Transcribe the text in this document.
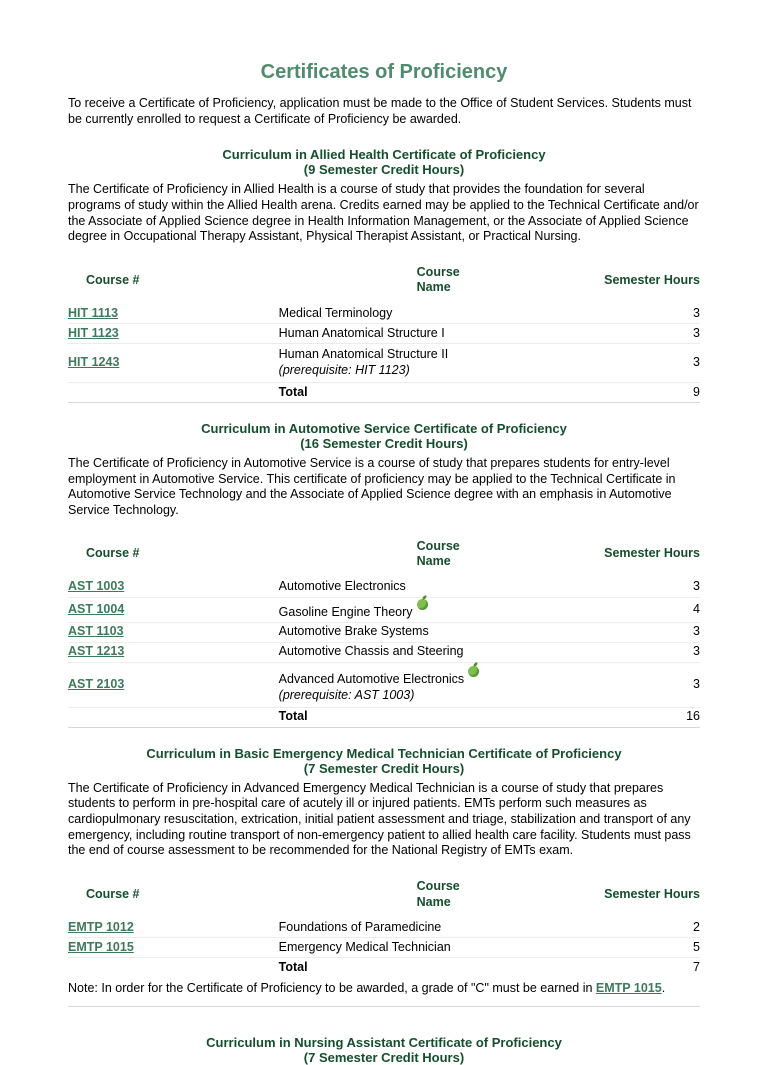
Certificates of Proficiency
To receive a Certificate of Proficiency, application must be made to the Office of Student Services. Students must be currently enrolled to request a Certificate of Proficiency be awarded.
Curriculum in Allied Health Certificate of Proficiency
(9 Semester Credit Hours)
The Certificate of Proficiency in Allied Health is a course of study that provides the foundation for several programs of study within the Allied Health arena. Credits earned may be applied to the Technical Certificate and/or the Associate of Applied Science degree in Health Information Management, or the Associate of Applied Science degree in Occupational Therapy Assistant, Physical Therapist Assistant, or Practical Nursing.
Course #	Course Name	Semester Hours
HIT 1113	Medical Terminology	3
HIT 1123	Human Anatomical Structure I	3
HIT 1243	Human Anatomical Structure II
(prerequisite: HIT 1123)	3
	Total	9
Curriculum in Automotive Service Certificate of Proficiency
(16 Semester Credit Hours)
The Certificate of Proficiency in Automotive Service is a course of study that prepares students for entry-level employment in Automotive Service. This certificate of proficiency may be applied to the Technical Certificate in Automotive Service Technology and the Associate of Applied Science degree with an emphasis in Automotive Service Technology.
Course #	Course Name	Semester Hours
AST 1003	Automotive Electronics	3
AST 1004	Gasoline Engine Theory	4
AST 1103	Automotive Brake Systems	3
AST 1213	Automotive Chassis and Steering	3
AST 2103	Advanced Automotive Electronics
(prerequisite: AST 1003)	3
	Total	16
Curriculum in Basic Emergency Medical Technician Certificate of Proficiency
(7 Semester Credit Hours)
The Certificate of Proficiency in Advanced Emergency Medical Technician is a course of study that prepares students to perform in pre-hospital care of acutely ill or injured patients. EMTs perform such measures as cardiopulmonary resuscitation, extrication, initial patient assessment and triage, stabilization and transport of any emergency, including routine transport of non-emergency patient to allied health care facility. Students must pass the end of course assessment to be recommended for the National Registry of EMTs exam.
Course #	Course Name	Semester Hours
EMTP 1012	Foundations of Paramedicine	2
EMTP 1015	Emergency Medical Technician	5
	Total	7
Note: In order for the Certificate of Proficiency to be awarded, a grade of "C" must be earned in EMTP 1015.
Curriculum in Nursing Assistant Certificate of Proficiency
(7 Semester Credit Hours)
